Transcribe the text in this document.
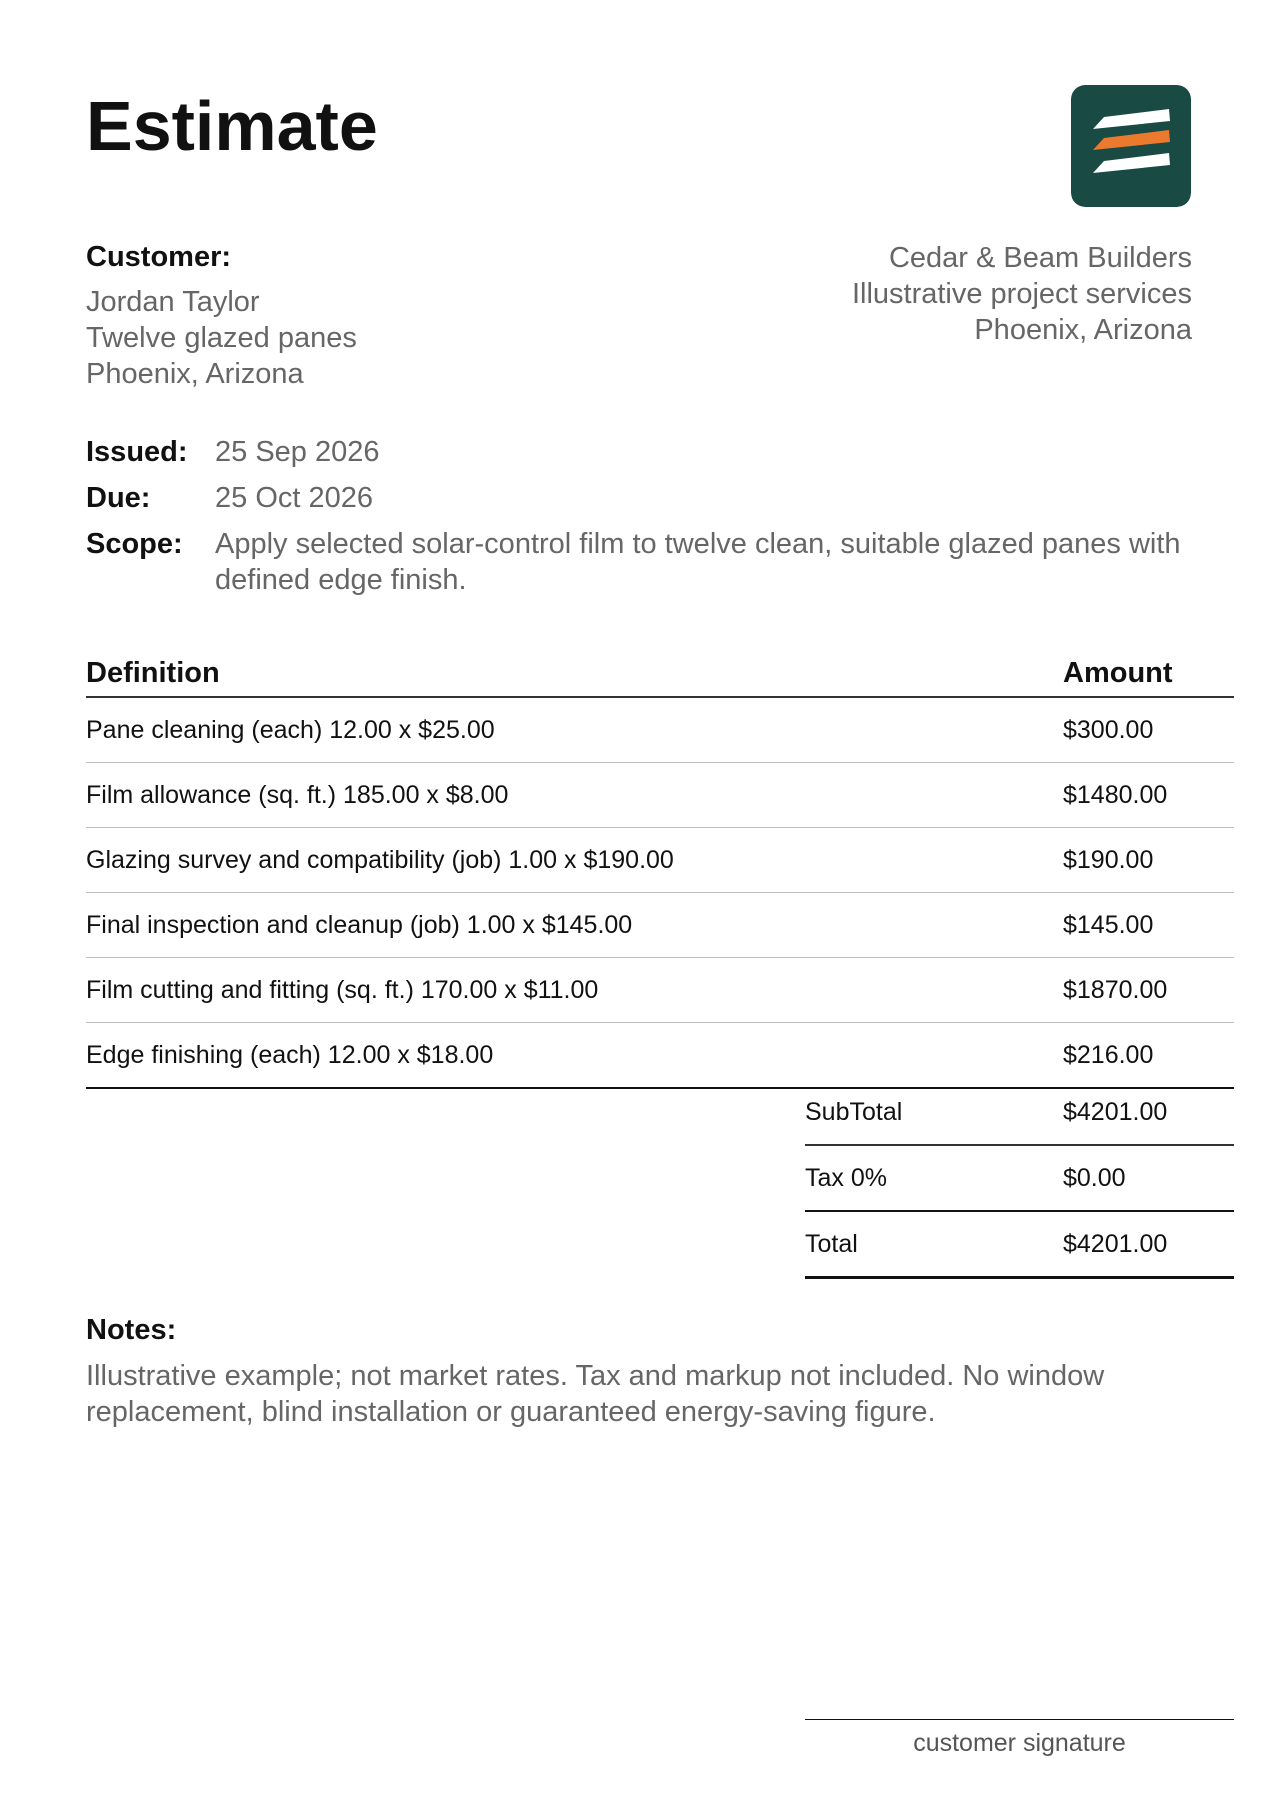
Estimate
Customer:
Jordan Taylor
Twelve glazed panes
Phoenix, Arizona
Cedar & Beam Builders
Illustrative project services
Phoenix, Arizona
Issued: 25 Sep 2026
Due: 25 Oct 2026
Scope: Apply selected solar-control film to twelve clean, suitable glazed panes with defined edge finish.
Definition	Amount
Pane cleaning (each) 12.00 x $25.00	$300.00
Film allowance (sq. ft.) 185.00 x $8.00	$1480.00
Glazing survey and compatibility (job) 1.00 x $190.00	$190.00
Final inspection and cleanup (job) 1.00 x $145.00	$145.00
Film cutting and fitting (sq. ft.) 170.00 x $11.00	$1870.00
Edge finishing (each) 12.00 x $18.00	$216.00
SubTotal	$4201.00
Tax 0%	$0.00
Total	$4201.00
Notes:
Illustrative example; not market rates. Tax and markup not included. No window replacement, blind installation or guaranteed energy-saving figure.
customer signature
